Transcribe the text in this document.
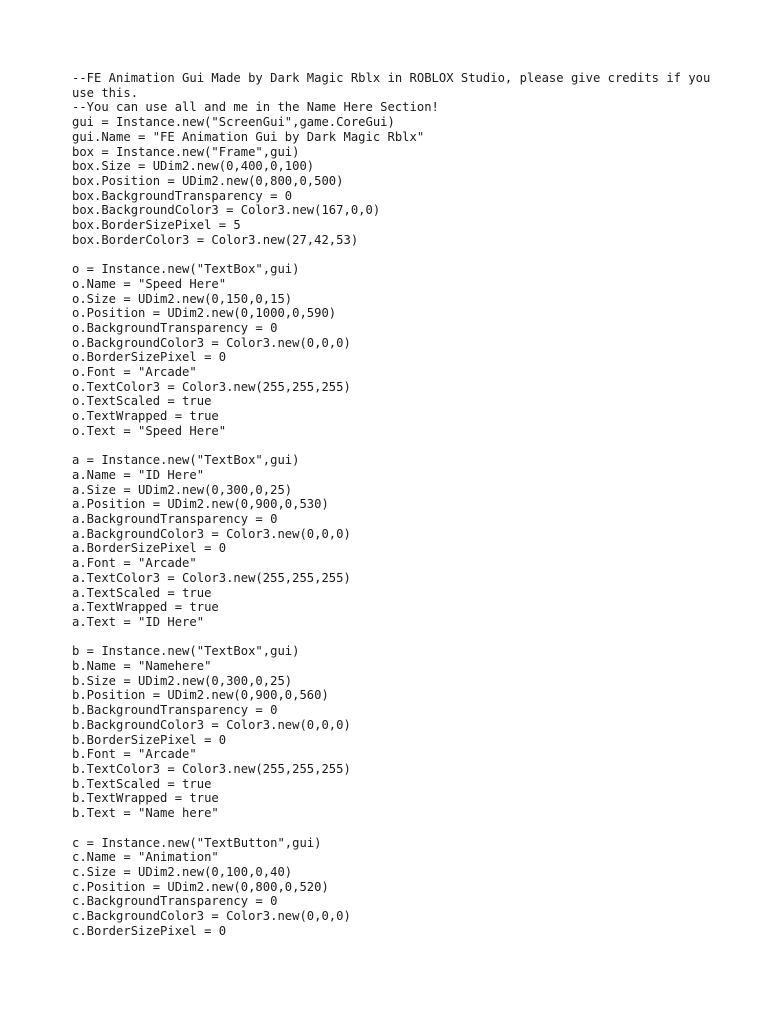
--FE Animation Gui Made by Dark Magic Rblx in ROBLOX Studio, please give credits if you use this.
--You can use all and me in the Name Here Section!
gui = Instance.new("ScreenGui",game.CoreGui)
gui.Name = "FE Animation Gui by Dark Magic Rblx"
box = Instance.new("Frame",gui)
box.Size = UDim2.new(0,400,0,100)
box.Position = UDim2.new(0,800,0,500)
box.BackgroundTransparency = 0
box.BackgroundColor3 = Color3.new(167,0,0)
box.BorderSizePixel = 5
box.BorderColor3 = Color3.new(27,42,53)
o = Instance.new("TextBox",gui)
o.Name = "Speed Here"
o.Size = UDim2.new(0,150,0,15)
o.Position = UDim2.new(0,1000,0,590)
o.BackgroundTransparency = 0
o.BackgroundColor3 = Color3.new(0,0,0)
o.BorderSizePixel = 0
o.Font = "Arcade"
o.TextColor3 = Color3.new(255,255,255)
o.TextScaled = true
o.TextWrapped = true
o.Text = "Speed Here"
a = Instance.new("TextBox",gui)
a.Name = "ID Here"
a.Size = UDim2.new(0,300,0,25)
a.Position = UDim2.new(0,900,0,530)
a.BackgroundTransparency = 0
a.BackgroundColor3 = Color3.new(0,0,0)
a.BorderSizePixel = 0
a.Font = "Arcade"
a.TextColor3 = Color3.new(255,255,255)
a.TextScaled = true
a.TextWrapped = true
a.Text = "ID Here"
b = Instance.new("TextBox",gui)
b.Name = "Namehere"
b.Size = UDim2.new(0,300,0,25)
b.Position = UDim2.new(0,900,0,560)
b.BackgroundTransparency = 0
b.BackgroundColor3 = Color3.new(0,0,0)
b.BorderSizePixel = 0
b.Font = "Arcade"
b.TextColor3 = Color3.new(255,255,255)
b.TextScaled = true
b.TextWrapped = true
b.Text = "Name here"
c = Instance.new("TextButton",gui)
c.Name = "Animation"
c.Size = UDim2.new(0,100,0,40)
c.Position = UDim2.new(0,800,0,520)
c.BackgroundTransparency = 0
c.BackgroundColor3 = Color3.new(0,0,0)
c.BorderSizePixel = 0
